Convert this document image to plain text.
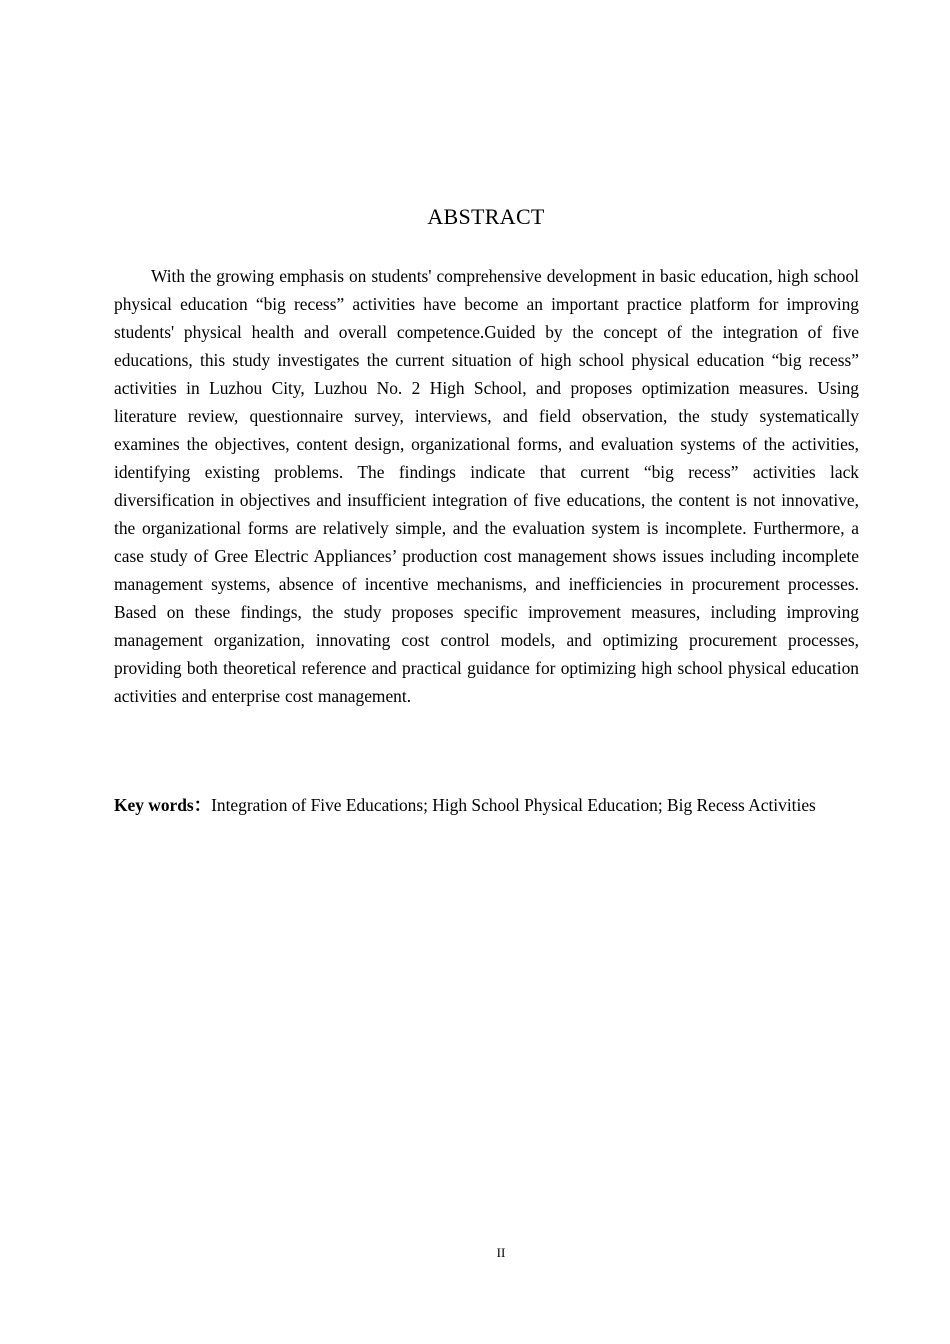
ABSTRACT

With the growing emphasis on students' comprehensive development in basic education, high school physical education “big recess” activities have become an important practice platform for improving students' physical health and overall competence.Guided by the concept of the integration of five educations, this study investigates the current situation of high school physical education “big recess” activities in Luzhou City, Luzhou No. 2 High School, and proposes optimization measures. Using literature review, questionnaire survey, interviews, and field observation, the study systematically examines the objectives, content design, organizational forms, and evaluation systems of the activities, identifying existing problems. The findings indicate that current “big recess” activities lack diversification in objectives and insufficient integration of five educations, the content is not innovative, the organizational forms are relatively simple, and the evaluation system is incomplete. Furthermore, a case study of Gree Electric Appliances’ production cost management shows issues including incomplete management systems, absence of incentive mechanisms, and inefficiencies in procurement processes. Based on these findings, the study proposes specific improvement measures, including improving management organization, innovating cost control models, and optimizing procurement processes, providing both theoretical reference and practical guidance for optimizing high school physical education activities and enterprise cost management.

Key words：Integration of Five Educations; High School Physical Education; Big Recess Activities

II
